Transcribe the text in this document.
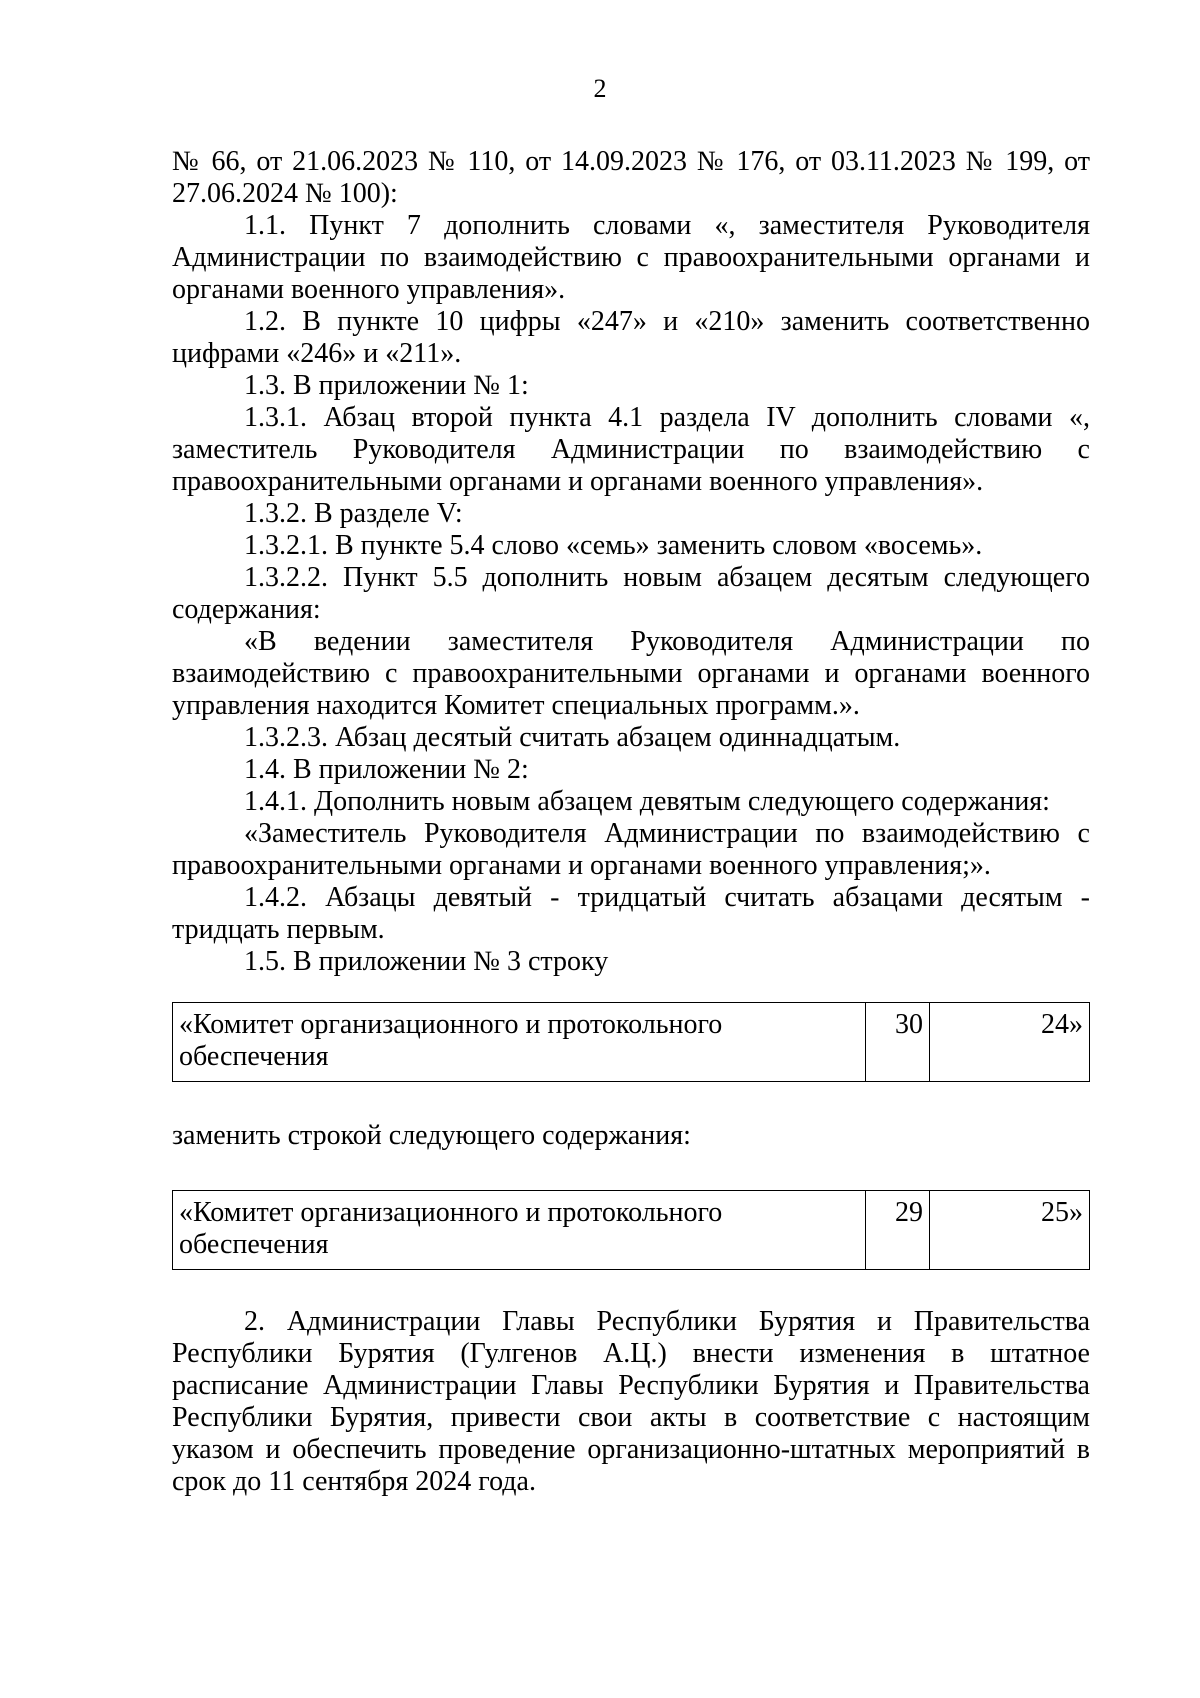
2

№ 66, от 21.06.2023 № 110, от 14.09.2023 № 176, от 03.11.2023 № 199, от 27.06.2024 № 100):

1.1. Пункт 7 дополнить словами «, заместителя Руководителя Администрации по взаимодействию с правоохранительными органами и органами военного управления».

1.2. В пункте 10 цифры «247» и «210» заменить соответственно цифрами «246» и «211».

1.3. В приложении № 1:

1.3.1. Абзац второй пункта 4.1 раздела IV дополнить словами «, заместитель Руководителя Администрации по взаимодействию с правоохранительными органами и органами военного управления».

1.3.2. В разделе V:

1.3.2.1. В пункте 5.4 слово «семь» заменить словом «восемь».

1.3.2.2. Пункт 5.5 дополнить новым абзацем десятым следующего содержания:

«В ведении заместителя Руководителя Администрации по взаимодействию с правоохранительными органами и органами военного управления находится Комитет специальных программ.».

1.3.2.3. Абзац десятый считать абзацем одиннадцатым.

1.4. В приложении № 2:

1.4.1. Дополнить новым абзацем девятым следующего содержания:

«Заместитель Руководителя Администрации по взаимодействию с правоохранительными органами и органами военного управления;».

1.4.2. Абзацы девятый - тридцатый считать абзацами десятым - тридцать первым.

1.5. В приложении № 3 строку

«Комитет организационного и протокольного обеспечения	30	24»

заменить строкой следующего содержания:

«Комитет организационного и протокольного обеспечения	29	25»

2. Администрации Главы Республики Бурятия и Правительства Республики Бурятия (Гулгенов А.Ц.) внести изменения в штатное расписание Администрации Главы Республики Бурятия и Правительства Республики Бурятия, привести свои акты в соответствие с настоящим указом и обеспечить проведение организационно-штатных мероприятий в срок до 11 сентября 2024 года.
